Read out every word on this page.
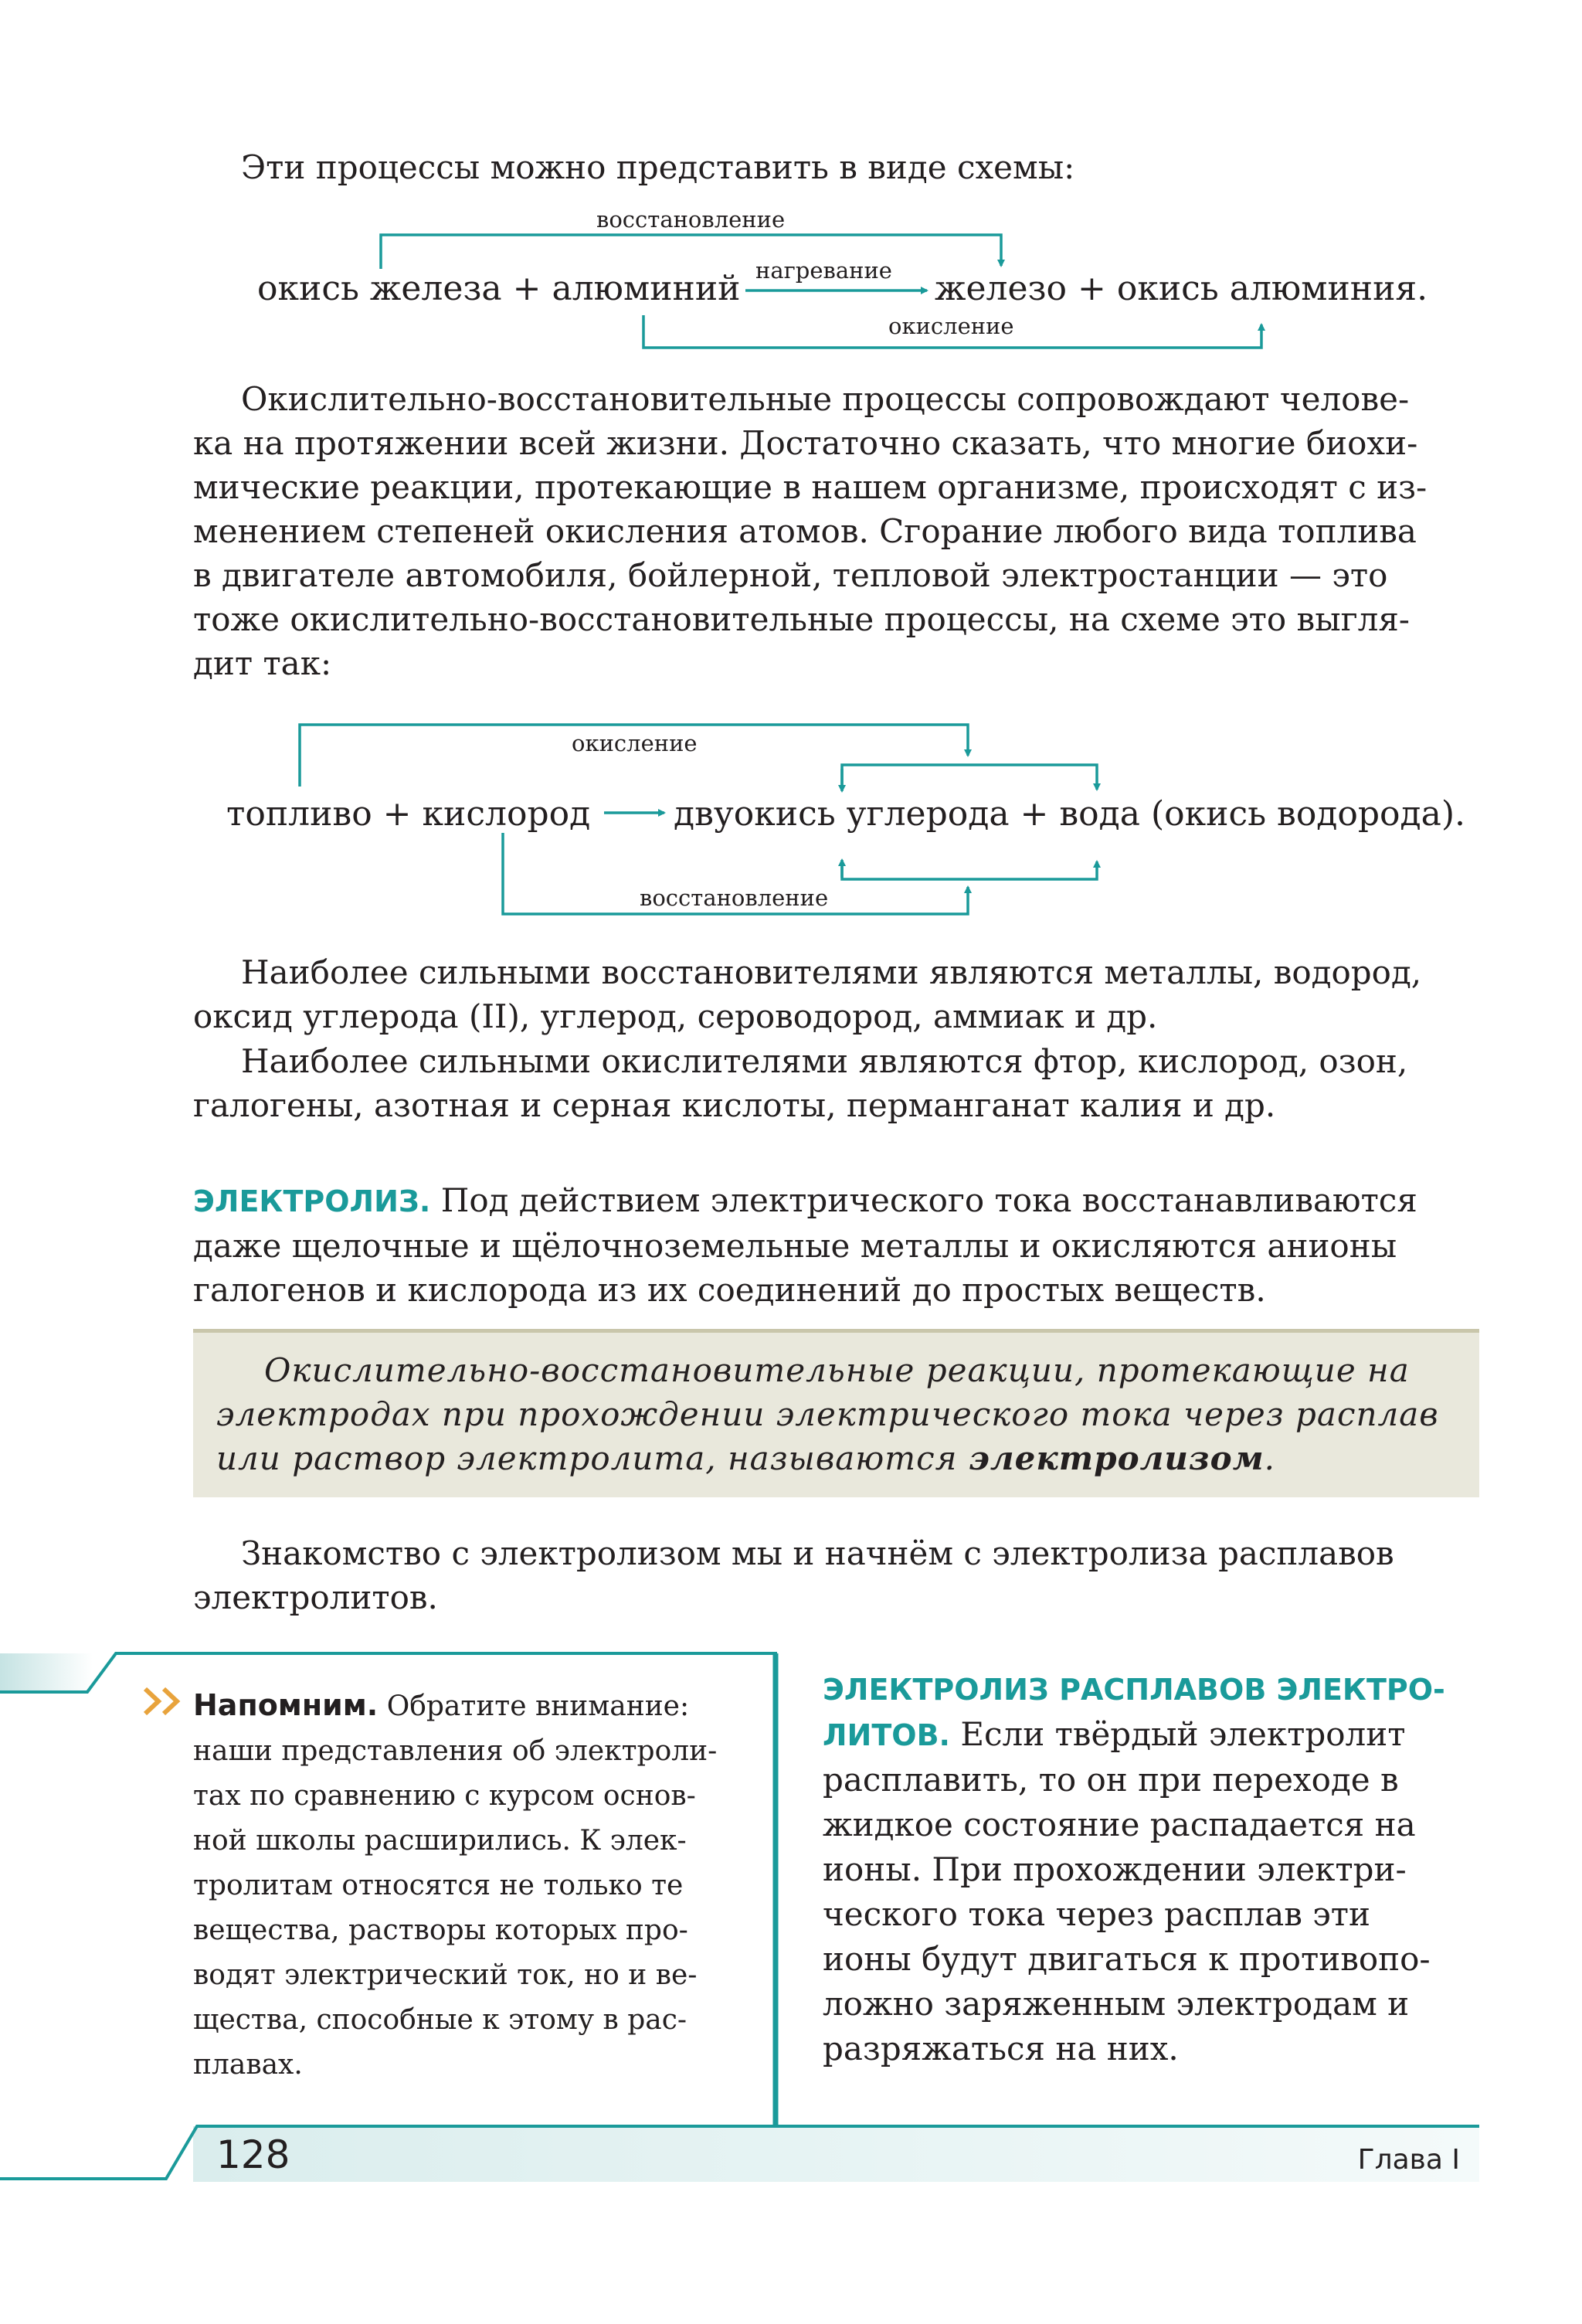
Эти процессы можно представить в виде схемы:

восстановление
окись железа + алюминий нагревание железо + окись алюминия.
окисление

Окислительно-восстановительные процессы сопровождают челове-
ка на протяжении всей жизни. Достаточно сказать, что многие биохи-
мические реакции, протекающие в нашем организме, происходят с из-
менением степеней окисления атомов. Сгорание любого вида топлива
в двигателе автомобиля, бойлерной, тепловой электростанции — это
тоже окислительно-восстановительные процессы, на схеме это выгля-
дит так:

окисление
топливо + кислород двуокись углерода + вода (окись водорода).
восстановление

Наиболее сильными восстановителями являются металлы, водород,
оксид углерода (II), углерод, сероводород, аммиак и др.

Наиболее сильными окислителями являются фтор, кислород, озон,
галогены, азотная и серная кислоты, перманганат калия и др.

ЭЛЕКТРОЛИЗ. Под действием электрического тока восстанавливаются
даже щелочные и щёлочноземельные металлы и окисляются анионы
галогенов и кислорода из их соединений до простых веществ.

Окислительно-восстановительные реакции, протекающие на
электродах при прохождении электрического тока через расплав
или раствор электролита, называются электролизом.

Знакомство с электролизом мы и начнём с электролиза расплавов
электролитов.

Напомним. Обратите внимание:
наши представления об электроли-
тах по сравнению с курсом основ-
ной школы расширились. К элек-
тролитам относятся не только те
вещества, растворы которых про-
водят электрический ток, но и ве-
щества, способные к этому в рас-
плавах.

ЭЛЕКТРОЛИЗ РАСПЛАВОВ ЭЛЕКТРО-
ЛИТОВ. Если твёрдый электролит
расплавить, то он при переходе в
жидкое состояние распадается на
ионы. При прохождении электри-
ческого тока через расплав эти
ионы будут двигаться к противопо-
ложно заряженным электродам и
разряжаться на них.

128	Глава I
